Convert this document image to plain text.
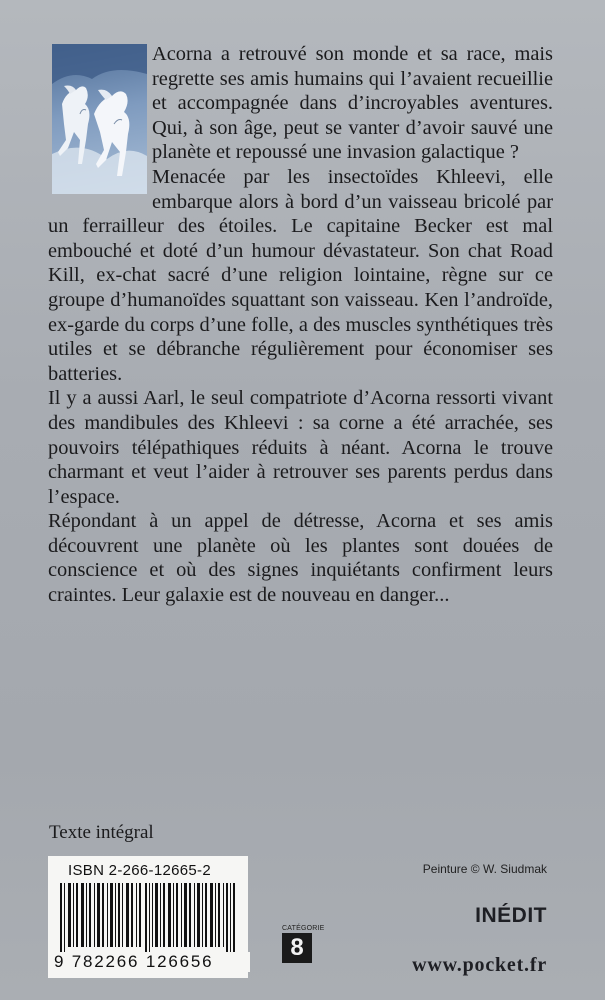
Acorna a retrouvé son monde et sa race, mais regrette ses amis humains qui l’avaient recueillie et accompagnée dans d’incroyables aventures. Qui, à son âge, peut se vanter d’avoir sauvé une planète et repoussé une invasion galactique ?

Menacée par les insectoïdes Khleevi, elle embarque alors à bord d’un vaisseau bricolé par un ferrailleur des étoiles. Le capitaine Becker est mal embouché et doté d’un humour dévastateur. Son chat Road Kill, ex-chat sacré d’une religion lointaine, règne sur ce groupe d’humanoïdes squattant son vaisseau. Ken l’androïde, ex-garde du corps d’une folle, a des muscles synthétiques très utiles et se débranche régulièrement pour économiser ses batteries.

Il y a aussi Aarl, le seul compatriote d’Acorna ressorti vivant des mandibules des Khleevi : sa corne a été arrachée, ses pouvoirs télépathiques réduits à néant. Acorna le trouve charmant et veut l’aider à retrouver ses parents perdus dans l’espace.

Répondant à un appel de détresse, Acorna et ses amis découvrent une planète où les plantes sont douées de conscience et où des signes inquiétants confirment leurs craintes. Leur galaxie est de nouveau en danger...

Texte intégral
ISBN 2-266-12665-2
9 782266 126656
CATÉGORIE
8
Peinture © W. Siudmak
INÉDIT
www.pocket.fr
